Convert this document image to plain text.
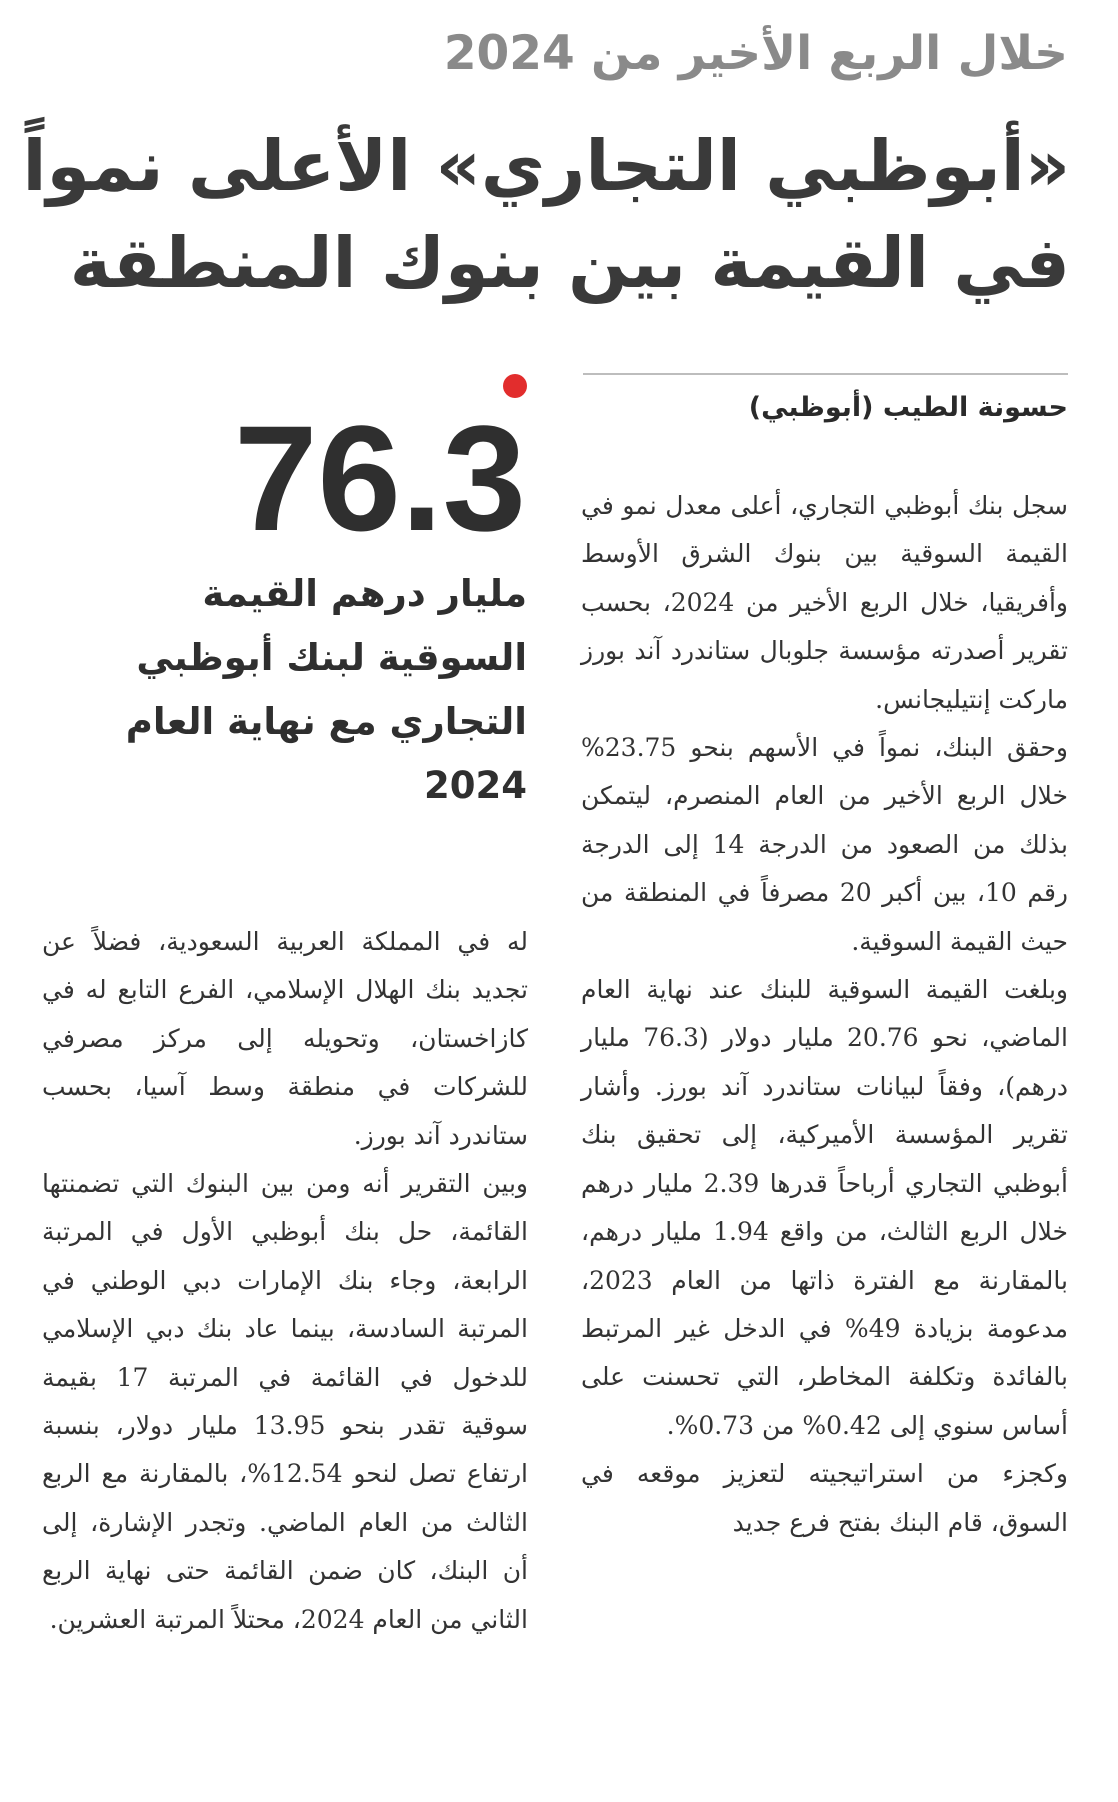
خلال الربع الأخير من 2024
«أبوظبي التجاري» الأعلى نمواً
في القيمة بين بنوك المنطقة
حسونة الطيب (أبوظبي)

سجل بنك أبوظبي التجاري، أعلى معدل نمو في القيمة السوقية بين بنوك الشرق الأوسط وأفريقيا، خلال الربع الأخير من 2024، بحسب تقرير أصدرته مؤسسة جلوبال ستاندرد آند بورز ماركت إنتيليجانس.

وحقق البنك، نمواً في الأسهم بنحو 23.75% خلال الربع الأخير من العام المنصرم، ليتمكن بذلك من الصعود من الدرجة 14 إلى الدرجة رقم 10، بين أكبر 20 مصرفاً في المنطقة من حيث القيمة السوقية.

وبلغت القيمة السوقية للبنك عند نهاية العام الماضي، نحو 20.76 مليار دولار (76.3 مليار درهم)، وفقاً لبيانات ستاندرد آند بورز. وأشار تقرير المؤسسة الأميركية، إلى تحقيق بنك أبوظبي التجاري أرباحاً قدرها 2.39 مليار درهم خلال الربع الثالث، من واقع 1.94 مليار درهم، بالمقارنة مع الفترة ذاتها من العام 2023، مدعومة بزيادة 49% في الدخل غير المرتبط بالفائدة وتكلفة المخاطر، التي تحسنت على أساس سنوي إلى 0.42% من 0.73%.

وكجزء من استراتيجيته لتعزيز موقعه في السوق، قام البنك بفتح فرع جديد

76.3
مليار درهم القيمة
السوقية لبنك أبوظبي
التجاري مع نهاية العام
2024

له في المملكة العربية السعودية، فضلاً عن تجديد بنك الهلال الإسلامي، الفرع التابع له في كازاخستان، وتحويله إلى مركز مصرفي للشركات في منطقة وسط آسيا، بحسب ستاندرد آند بورز.

وبين التقرير أنه ومن بين البنوك التي تضمنتها القائمة، حل بنك أبوظبي الأول في المرتبة الرابعة، وجاء بنك الإمارات دبي الوطني في المرتبة السادسة، بينما عاد بنك دبي الإسلامي للدخول في القائمة في المرتبة 17 بقيمة سوقية تقدر بنحو 13.95 مليار دولار، بنسبة ارتفاع تصل لنحو 12.54%، بالمقارنة مع الربع الثالث من العام الماضي. وتجدر الإشارة، إلى أن البنك، كان ضمن القائمة حتى نهاية الربع الثاني من العام 2024، محتلاً المرتبة العشرين.
